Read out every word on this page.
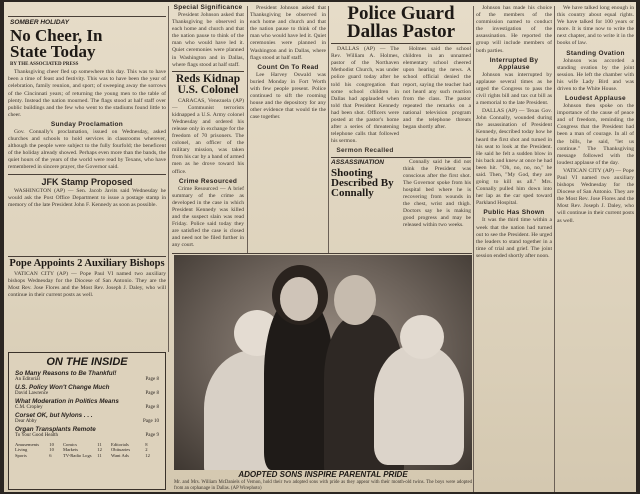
SOMBER HOLIDAY
No Cheer, In State Today
BY THE ASSOCIATED PRESS

Thanksgiving cheer fled up somewhere this day. This was to have been a time of feast and festivity. This was to have been the year of celebration, family reunion, and sport; of sweeping away the sorrows of the Cincinnati years; of returning the young men to the table of plenty. Instead the nation mourned. The flags stood at half staff over public buildings and the few who went to the stadiums found little to cheer.

Sunday Proclamation

Gov. Connally's proclamation, issued on Wednesday, asked churches and schools to hold services in classrooms wherever, although the people were subject to the fully fourfold; the beneficent of the holiday already showed. Perhaps even more than the bands, the quiet hours of the years of the world were read by Texans, who have remembered in sincere prayer, the Governor said.

JFK Stamp Proposed

WASHINGTON (AP) — Sen. Jacob Javits said Wednesday he would ask the Post Office Department to issue a postage stamp in memory of the late President John F. Kennedy as soon as possible.

Special Significance

President Johnson asked that Thanksgiving be observed in each home and church and that the nation pause to think of the man who would have led it. Quiet ceremonies were planned in Washington and in Dallas, where flags stood at half staff.

Reds Kidnap U.S. Colonel

CARACAS, Venezuela (AP) — Communist terrorists kidnapped a U.S. Army colonel Wednesday and ordered his release only in exchange for the freedom of 70 prisoners. The colonel, an officer of the military mission, was taken from his car by a band of armed men as he drove toward his office.

Crime Resourced

Crime Resourced — A brief summary of the crime as developed in the case in which President Kennedy was killed and the suspect slain was read Friday. Police said today they are satisfied the case is closed and need not be filed further in any court.

President Johnson asked that Thanksgiving be observed in each home and church and that the nation pause to think of the man who would have led it. Quiet ceremonies were planned in Washington and in Dallas, where flags stood at half staff.

Count On To Read

Lee Harvey Oswald was buried Monday in Fort Worth with few people present. Police continued to sift the rooming house and the depository for any other evidence that would tie the case together.

Police Guard Dallas Pastor

DALLAS (AP) — The Rev. William A. Holmes, pastor of the Northaven Methodist Church, was under police guard today after he told his congregation that some school children in Dallas had applauded when told that President Kennedy had been shot. Officers were posted at the pastor's home after a series of threatening telephone calls that followed his sermon.

Sermon Recalled

Holmes said the school children in an unnamed elementary school cheered upon hearing the news. A school official denied the report, saying the teacher had not heard any such reaction from the class. The pastor repeated the remarks on a national television program and the telephone threats began shortly after.

ASSASSINATION
Shooting Described By Connally

Connally said he did not think the President was conscious after the first shot. The Governor spoke from his hospital bed where he is recovering from wounds in the chest, wrist and thigh. Doctors say he is making good progress and may be released within two weeks.

Johnson has made his choice of the members of the commission named to conduct the investigation of the assassination. He reported the group will include members of both parties.

Interrupted By Applause

Johnson was interrupted by applause several times as he urged the Congress to pass the civil rights bill and tax cut bill as a memorial to the late President.

DALLAS (AP) — Texas Gov. John Connally, wounded during the assassination of President Kennedy, described today how he heard the first shot and turned in his seat to look at the President. He said he felt a sudden blow in his back and knew at once he had been hit. "Oh, no, no, no," he said. Then, "My God, they are going to kill us all." Mrs. Connally pulled him down into her lap as the car sped toward Parkland Hospital.

Public Has Shown

It was the third time within a week that the nation had turned out to see the President. He urged the leaders to stand together in a time of trial and grief. The joint session ended shortly after noon.

We have talked long enough in this country about equal rights. We have talked for 100 years or more. It is time now to write the next chapter, and to write it in the books of law.

Standing Ovation

Johnson was accorded a standing ovation by the joint session. He left the chamber with his wife Lady Bird and was driven to the White House.

Loudest Applause

Johnson then spoke on the importance of the cause of peace and of freedom, reminding the Congress that the President had been a man of courage. In all of the bills, he said, "let us continue." The Thanksgiving message followed with the loudest applause of the day.

VATICAN CITY (AP) — Pope Paul VI named two auxiliary bishops Wednesday for the Diocese of San Antonio. They are the Most Rev. Jose Flores and the Most Rev. Joseph J. Daley, who will continue in their current posts as well.

ADOPTED SONS INSPIRE PARENTAL PRIDE
Mr. and Mrs. William McDaniels of Vernon, hold their two adopted sons with pride as they appear with their month-old twins. The boys were adopted from an orphanage in Dallas. (AP Wirephoto)
Pope Appoints 2 Auxiliary Bishops

VATICAN CITY (AP) — Pope Paul VI named two auxiliary bishops Wednesday for the Diocese of San Antonio. They are the Most Rev. Jose Flores and the Most Rev. Joseph J. Daley, who will continue in their current posts as well.

ON THE INSIDE
So Many Reasons to Be Thankful!
An Editorial	Page 8
U.S. Policy Won't Change Much
David Lawrence	Page 8
What Moderation in Politics Means
C.M. Cropley	Page 8
Corset OK, but Nylons . . .
Dear Abby	Page 10
Organ Transplants Remote
To Your Good Health	Page 9
Amusements	10	Comics	11	Editorials	8
Living	10	Markets	12	Obituaries	2
Sports	6	TV-Radio Logs	11	Want Ads	12
